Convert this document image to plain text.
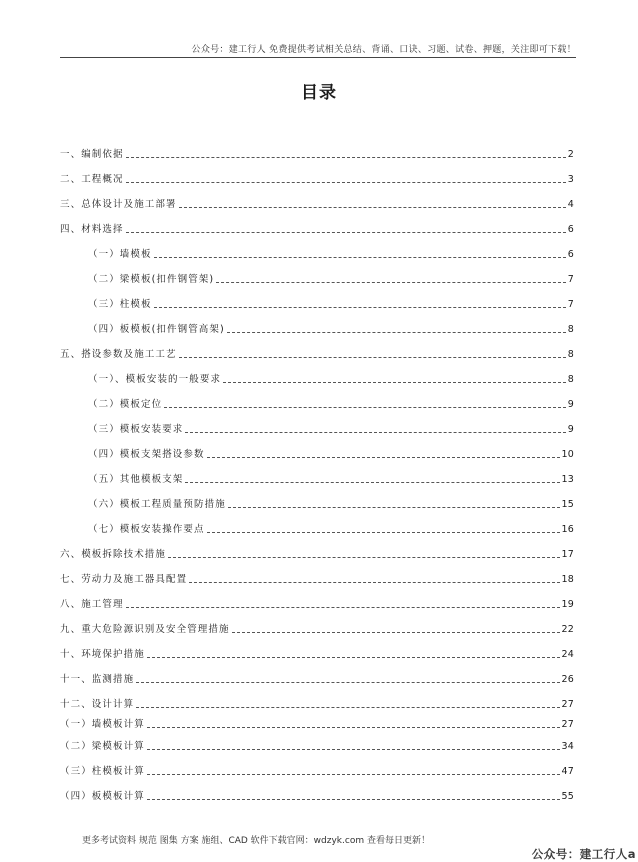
公众号：建工行人 免费提供考试相关总结、背诵、口诀、习题、试卷、押题，关注即可下载！
目录
一、编制依据	2
二、工程概况	3
三、总体设计及施工部署	4
四、材料选择	6
（一）墙模板	6
（二）梁模板(扣件钢管架)	7
（三）柱模板	7
（四）板模板(扣件钢管高架)	8
五、搭设参数及施工工艺	8
（一）、模板安装的一般要求	8
（二）模板定位	9
（三）模板安装要求	9
（四）模板支架搭设参数	10
（五）其他模板支架	13
（六）模板工程质量预防措施	15
（七）模板安装操作要点	16
六、模板拆除技术措施	17
七、劳动力及施工器具配置	18
八、施工管理	19
九、重大危险源识别及安全管理措施	22
十、环境保护措施	24
十一、监测措施	26
十二、设计计算	27
（一）墙模板计算	27
（二）梁模板计算	34
（三）柱模板计算	47
（四）板模板计算	55
更多考试资料 规范 图集 方案 施组、CAD 软件下载官网：wdzyk.com 查看每日更新！
公众号：建工行人a
